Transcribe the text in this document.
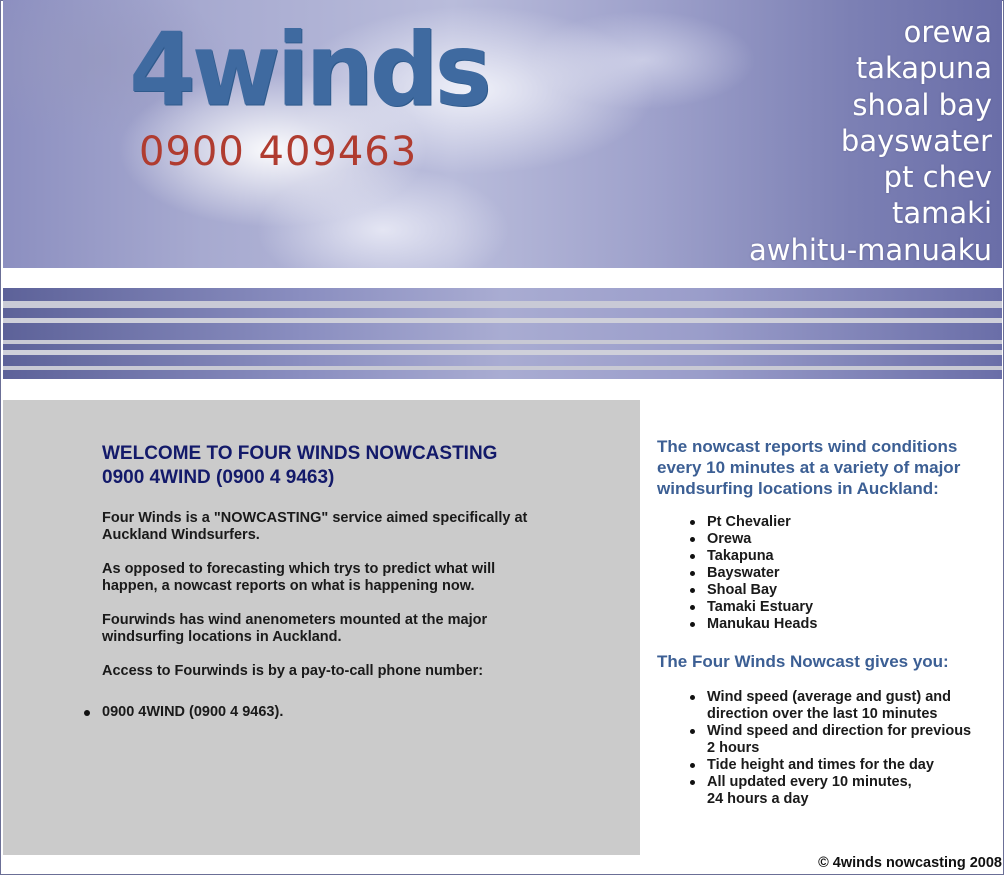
4winds
0900 409463
orewa
takapuna
shoal bay
bayswater
pt chev
tamaki
awhitu-manuaku
WELCOME TO FOUR WINDS NOWCASTING
0900 4WIND (0900 4 9463)

Four Winds is a "NOWCASTING" service aimed specifically at Auckland Windsurfers.

As opposed to forecasting which trys to predict what will happen, a nowcast reports on what is happening now.

Fourwinds has wind anenometers mounted at the major windsurfing locations in Auckland.

Access to Fourwinds is by a pay-to-call phone number:

0900 4WIND (0900 4 9463).
The nowcast reports wind conditions every 10 minutes at a variety of major windsurfing locations in Auckland:
Pt Chevalier
Orewa
Takapuna
Bayswater
Shoal Bay
Tamaki Estuary
Manukau Heads
The Four Winds Nowcast gives you:
Wind speed (average and gust) and direction over the last 10 minutes
Wind speed and direction for previous
2 hours
Tide height and times for the day
All updated every 10 minutes,
24 hours a day
© 4winds nowcasting 2008
